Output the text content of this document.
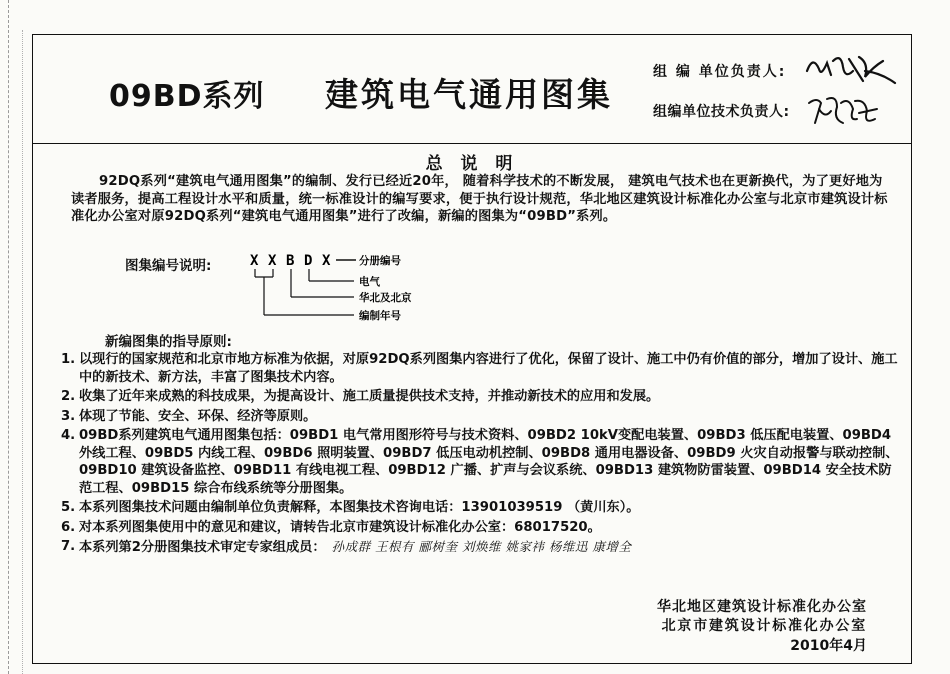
09BD系列 建筑电气通用图集
组 编 单位负责人:
组编单位技术负责人:
总 说 明
92DQ系列“建筑电气通用图集”的编制、发行已经近20年， 随着科学技术的不断发展， 建筑电气技术也在更新换代，为了更好地为读者服务，提高工程设计水平和质量，统一标准设计的编写要求，便于执行设计规范，华北地区建筑设计标准化办公室与北京市建筑设计标准化办公室对原92DQ系列“建筑电气通用图集”进行了改编，新编的图集为“09BD”系列。
图集编号说明:	X X B D X	分册编号
电气
华北及北京
编制年号
新编图集的指导原则:
1. 以现行的国家规范和北京市地方标准为依据，对原92DQ系列图集内容进行了优化，保留了设计、施工中仍有价值的部分，增加了设计、施工中的新技术、新方法，丰富了图集技术内容。
2. 收集了近年来成熟的科技成果，为提高设计、施工质量提供技术支持，并推动新技术的应用和发展。
3. 体现了节能、安全、环保、经济等原则。
4. 09BD系列建筑电气通用图集包括：09BD1 电气常用图形符号与技术资料、09BD2 10kV变配电装置、09BD3 低压配电装置、09BD4 外线工程、09BD5 内线工程、09BD6 照明装置、09BD7 低压电动机控制、09BD8 通用电器设备、09BD9 火灾自动报警与联动控制、09BD10 建筑设备监控、09BD11 有线电视工程、09BD12 广播、扩声与会议系统、09BD13 建筑物防雷装置、09BD14 安全技术防范工程、09BD15 综合布线系统等分册图集。
5. 本系列图集技术问题由编制单位负责解释，本图集技术咨询电话：13901039519 （黄川东）。
6. 对本系列图集使用中的意见和建议，请转告北京市建筑设计标准化办公室：68017520。
7. 本系列第2分册图集技术审定专家组成员： 孙成群 王根有 郦树奎 刘焕维 姚家祎 杨维迅 康增全
华北地区建筑设计标准化办公室
北京市建筑设计标准化办公室
2010年4月
